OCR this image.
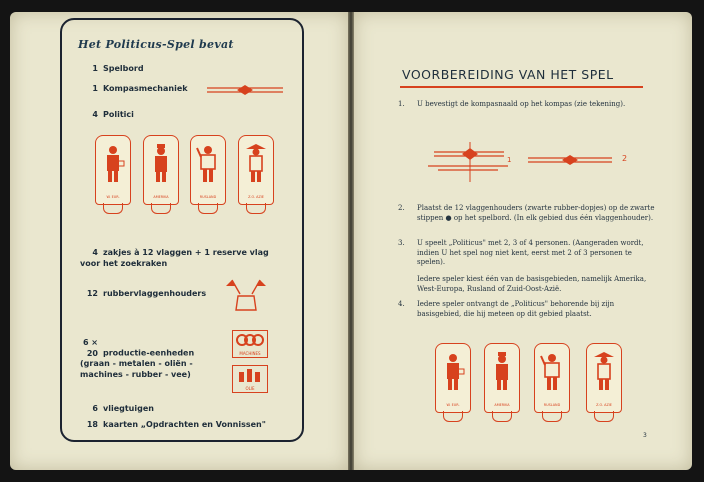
Het Politicus-Spel bevat
1 Spelbord
1 Kompasmechaniek
4 Politici
W. EUR.	AMERIKA	RUSLAND	Z.O. AZIE
4 zakjes à 12 vlaggen + 1 reserve vlag voor het zoekraken
12 rubbervlaggenhouders
6 × 20 productie-eenheden (graan - metalen - oliën - machines - rubber - vee)
MACHINES
OLIE
6 vliegtuigen
18 kaarten „Opdrachten en Vonnissen"
VOORBEREIDING VAN HET SPEL
1. U bevestigt de kompasnaald op het kompas (zie tekening).
1	2
2. Plaatst de 12 vlaggenhouders (zwarte rubber-dopjes) op de zwarte stippen ● op het spelbord. (In elk gebied dus één vlaggenhouder).
3. U speelt „Politicus" met 2, 3 of 4 personen. (Aangeraden wordt, indien U het spel nog niet kent, eerst met 2 of 3 personen te spelen).
Iedere speler kiest één van de basisgebieden, namelijk Amerika, West-Europa, Rusland of Zuid-Oost-Azië.
4. Iedere speler ontvangt de „Politicus" behorende bij zijn basisgebied, die hij meteen op dit gebied plaatst.
W. EUR.	AMERIKA	RUSLAND	Z.O. AZIE
3
